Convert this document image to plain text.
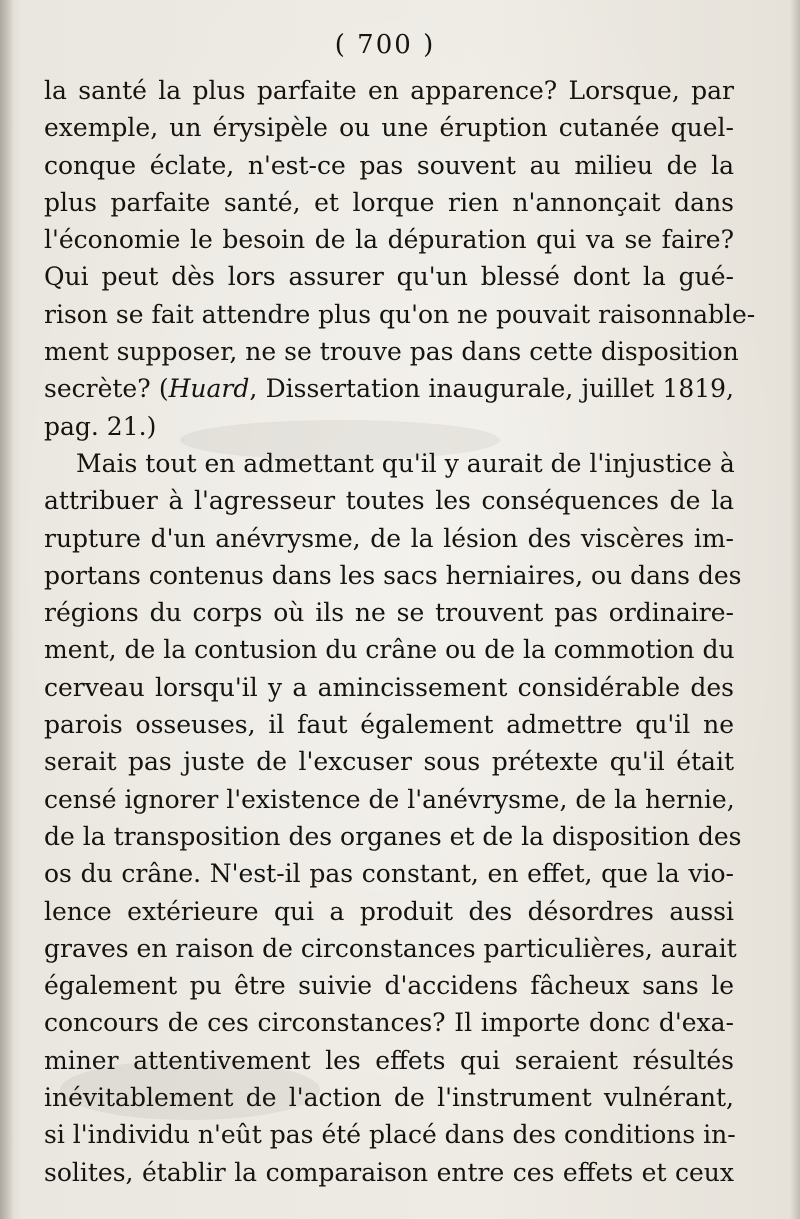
( 700 )
la santé la plus parfaite en apparence? Lorsque, par
exemple, un érysipèle ou une éruption cutanée quel-
conque éclate, n'est-ce pas souvent au milieu de la
plus parfaite santé, et lorque rien n'annonçait dans
l'économie le besoin de la dépuration qui va se faire?
Qui peut dès lors assurer qu'un blessé dont la gué-
rison se fait attendre plus qu'on ne pouvait raisonnable-
ment supposer, ne se trouve pas dans cette disposition
secrète? (Huard, Dissertation inaugurale, juillet 1819,
pag. 21.)
Mais tout en admettant qu'il y aurait de l'injustice à
attribuer à l'agresseur toutes les conséquences de la
rupture d'un anévrysme, de la lésion des viscères im-
portans contenus dans les sacs herniaires, ou dans des
régions du corps où ils ne se trouvent pas ordinaire-
ment, de la contusion du crâne ou de la commotion du
cerveau lorsqu'il y a amincissement considérable des
parois osseuses, il faut également admettre qu'il ne
serait pas juste de l'excuser sous prétexte qu'il était
censé ignorer l'existence de l'anévrysme, de la hernie,
de la transposition des organes et de la disposition des
os du crâne. N'est-il pas constant, en effet, que la vio-
lence extérieure qui a produit des désordres aussi
graves en raison de circonstances particulières, aurait
également pu être suivie d'accidens fâcheux sans le
concours de ces circonstances? Il importe donc d'exa-
miner attentivement les effets qui seraient résultés
inévitablement de l'action de l'instrument vulnérant,
si l'individu n'eût pas été placé dans des conditions in-
solites, établir la comparaison entre ces effets et ceux
